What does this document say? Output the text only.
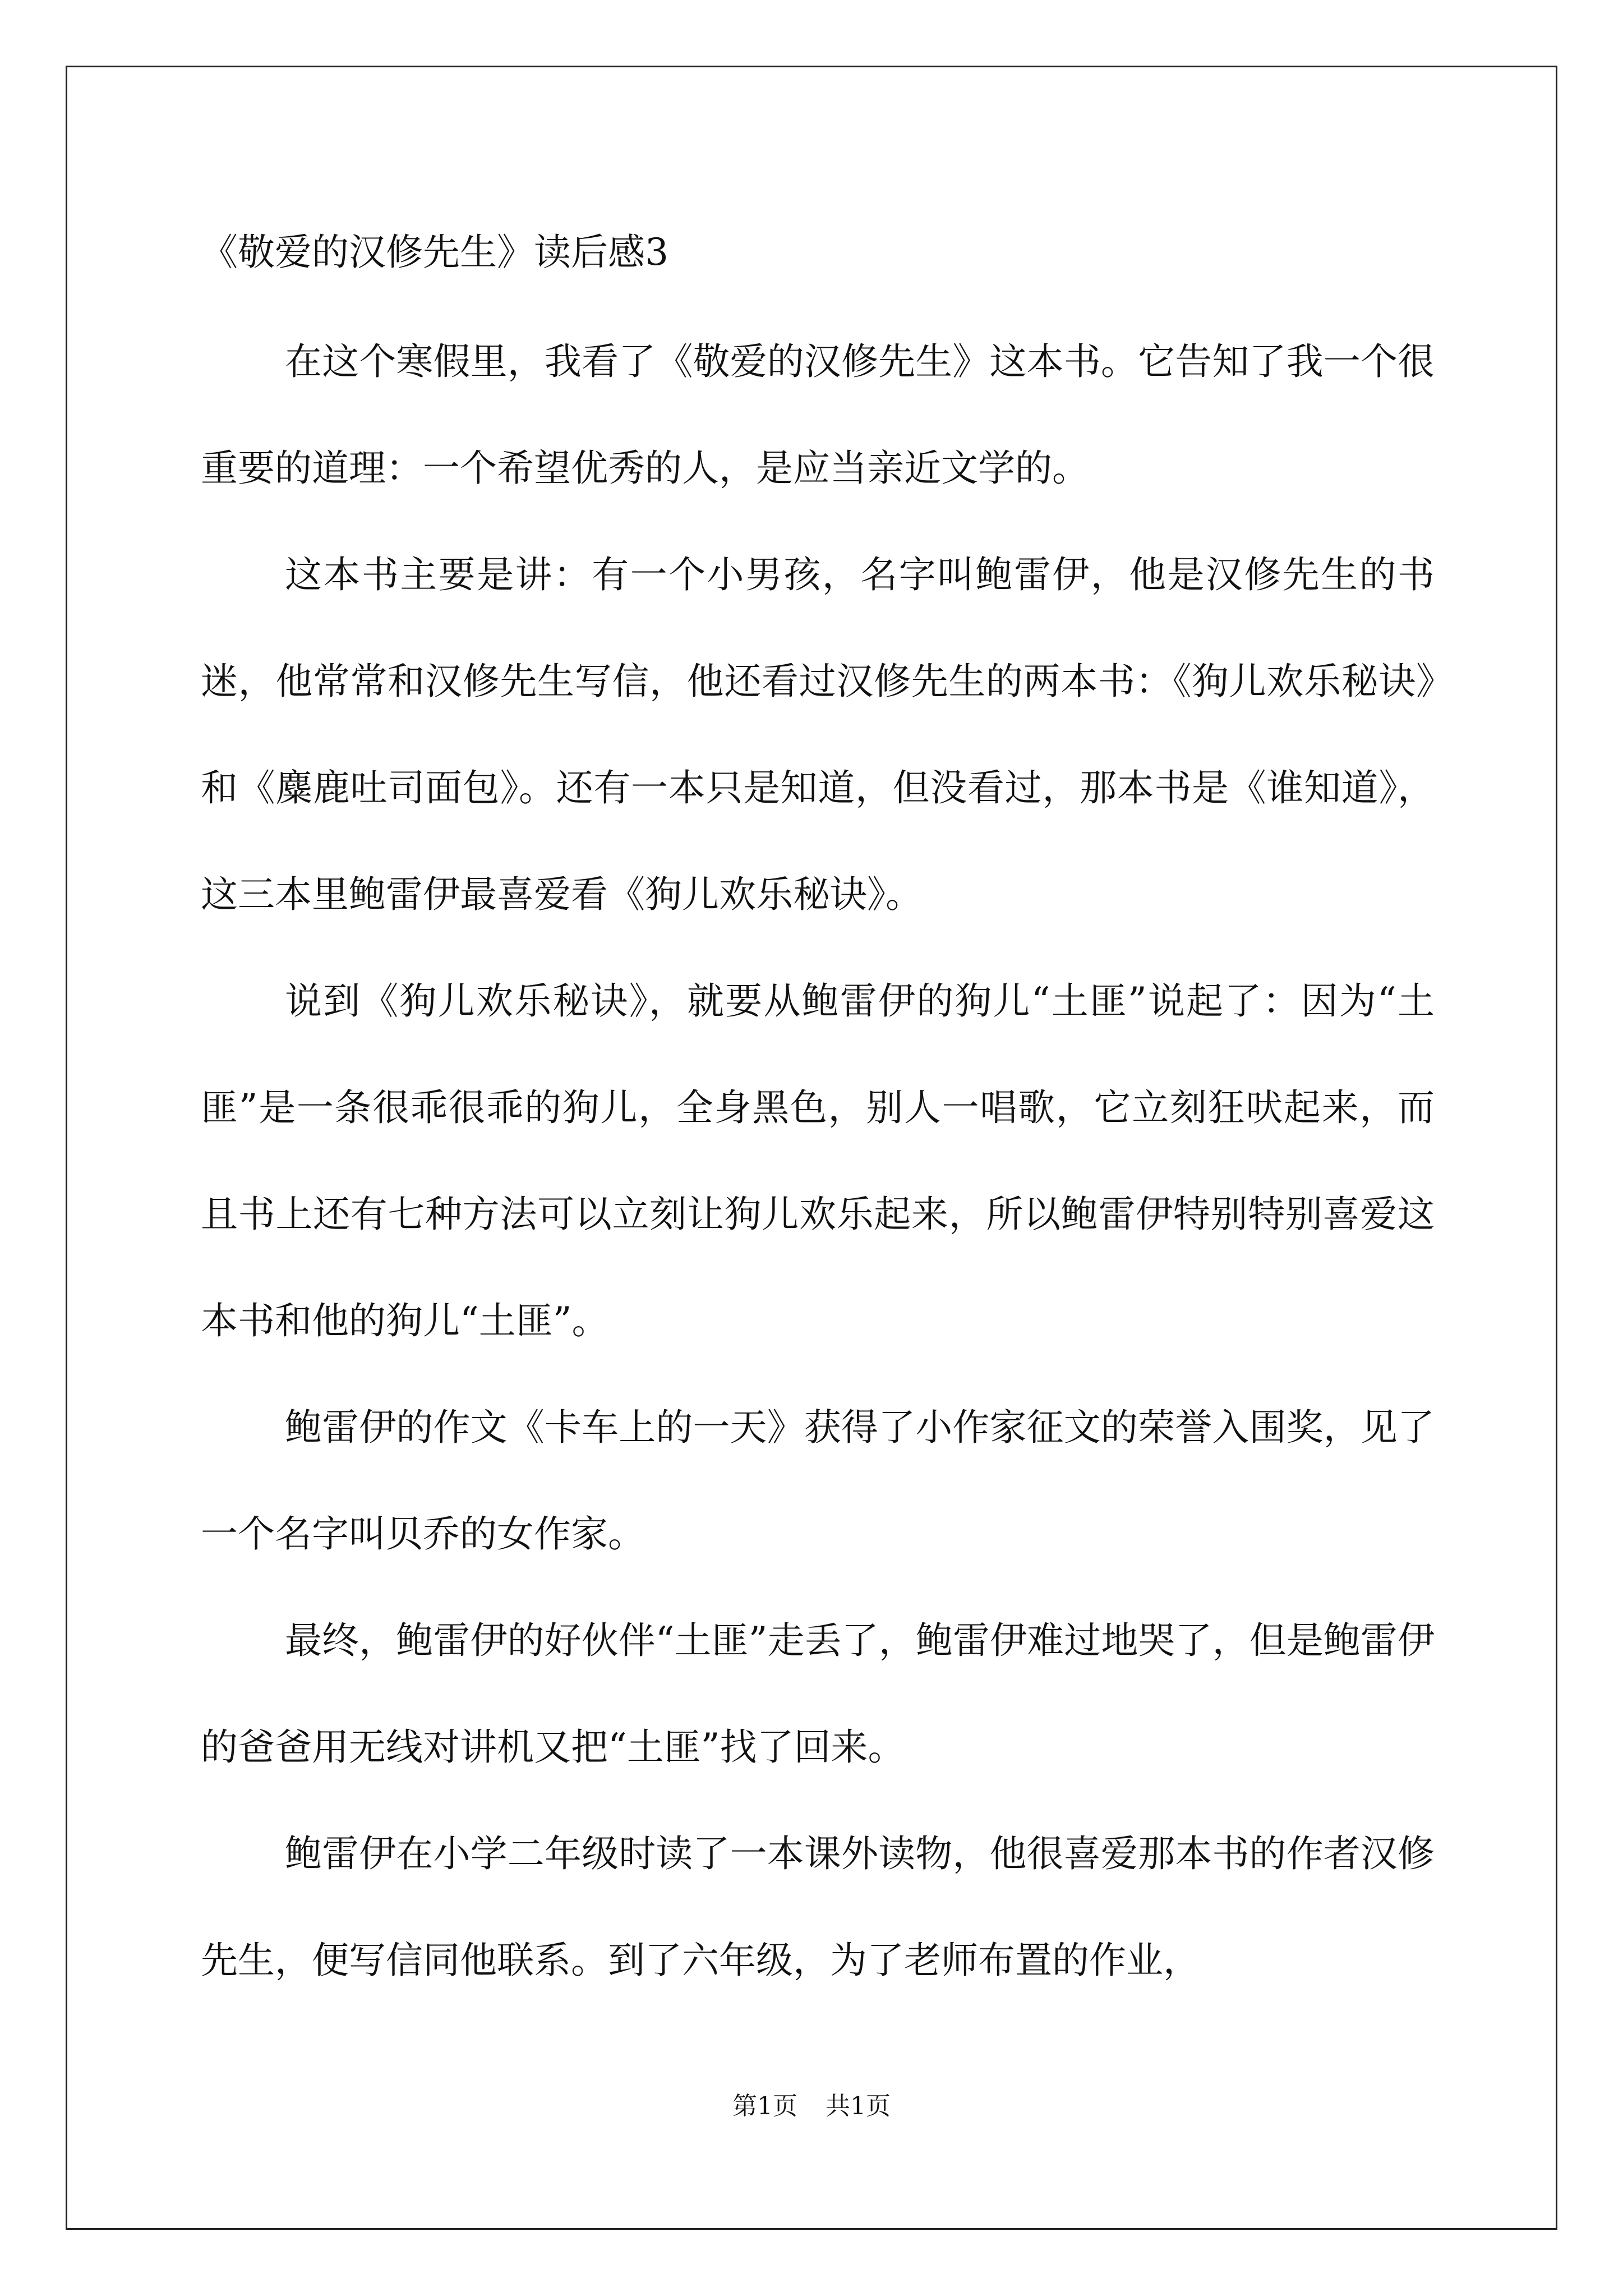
《敬爱的汉修先生》读后感3

在这个寒假里，我看了《敬爱的汉修先生》这本书。它告知了我一个很重要的道理：一个希望优秀的人，是应当亲近文学的。

这本书主要是讲：有一个小男孩，名字叫鲍雷伊，他是汉修先生的书迷，他常常和汉修先生写信，他还看过汉修先生的两本书：《狗儿欢乐秘诀》和《麋鹿吐司面包》。还有一本只是知道，但没看过，那本书是《谁知道》，这三本里鲍雷伊最喜爱看《狗儿欢乐秘诀》。

说到《狗儿欢乐秘诀》，就要从鲍雷伊的狗儿“土匪”说起了：因为“土匪”是一条很乖很乖的狗儿，全身黑色，别人一唱歌，它立刻狂吠起来，而且书上还有七种方法可以立刻让狗儿欢乐起来，所以鲍雷伊特别特别喜爱这本书和他的狗儿“土匪”。

鲍雷伊的作文《卡车上的一天》获得了小作家征文的荣誉入围奖，见了一个名字叫贝乔的女作家。

最终，鲍雷伊的好伙伴“土匪”走丢了，鲍雷伊难过地哭了，但是鲍雷伊的爸爸用无线对讲机又把“土匪”找了回来。

鲍雷伊在小学二年级时读了一本课外读物，他很喜爱那本书的作者汉修先生，便写信同他联系。到了六年级，为了老师布置的作业，

第1页 共1页
